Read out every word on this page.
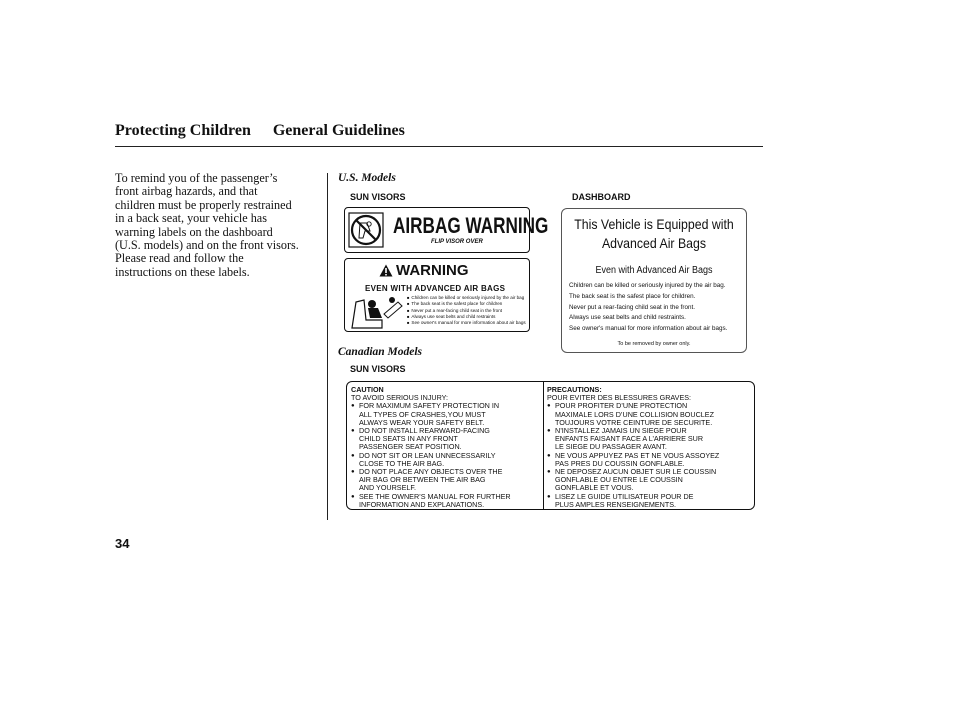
Protecting Children General Guidelines
To remind you of the passenger’s
front airbag hazards, and that
children must be properly restrained
in a back seat, your vehicle has
warning labels on the dashboard
(U.S. models) and on the front visors.
Please read and follow the
instructions on these labels.
U.S. Models
SUN VISORS	DASHBOARD
AIRBAG WARNING
FLIP VISOR OVER
WARNING
EVEN WITH ADVANCED AIR BAGS
■ Children can be killed or seriously injured by the air bag
■ The back seat is the safest place for children
■ Never put a rear-facing child seat in the front
■ Always use seat belts and child restraints
■ See owner's manual for more information about air bags
This Vehicle is Equipped with
Advanced Air Bags
Even with Advanced Air Bags
Children can be killed or seriously injured by the air bag.
The back seat is the safest place for children.
Never put a rear-facing child seat in the front.
Always use seat belts and child restraints.
See owner's manual for more information about air bags.
To be removed by owner only.
Canadian Models
SUN VISORS
CAUTION
TO AVOID SERIOUS INJURY:
● FOR MAXIMUM SAFETY PROTECTION IN
ALL TYPES OF CRASHES,YOU MUST
ALWAYS WEAR YOUR SAFETY BELT.
● DO NOT INSTALL REARWARD-FACING
CHILD SEATS IN ANY FRONT
PASSENGER SEAT POSITION.
● DO NOT SIT OR LEAN UNNECESSARILY
CLOSE TO THE AIR BAG.
● DO NOT PLACE ANY OBJECTS OVER THE
AIR BAG OR BETWEEN THE AIR BAG
AND YOURSELF.
● SEE THE OWNER’S MANUAL FOR FURTHER
INFORMATION AND EXPLANATIONS.
PRECAUTIONS:
POUR EVITER DES BLESSURES GRAVES:
● POUR PROFITER D’UNE PROTECTION
MAXIMALE LORS D’UNE COLLISION BOUCLEZ
TOUJOURS VOTRE CEINTURE DE SECURITE.
● N’INSTALLEZ JAMAIS UN SIEGE POUR
ENFANTS FAISANT FACE A L’ARRIERE SUR
LE SIEGE DU PASSAGER AVANT.
● NE VOUS APPUYEZ PAS ET NE VOUS ASSOYEZ
PAS PRES DU COUSSIN GONFLABLE.
● NE DEPOSEZ AUCUN OBJET SUR LE COUSSIN
GONFLABLE OU ENTRE LE COUSSIN
GONFLABLE ET VOUS.
● LISEZ LE GUIDE UTILISATEUR POUR DE
PLUS AMPLES RENSEIGNEMENTS.
34
